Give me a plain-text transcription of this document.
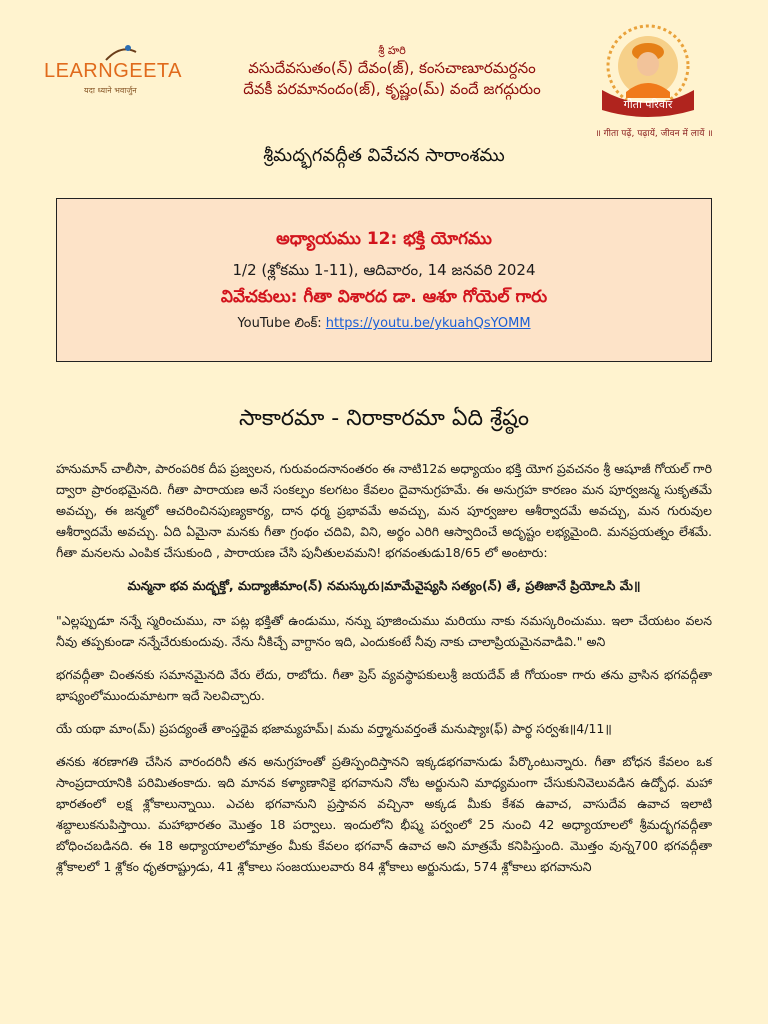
LEARNGEETA
यदा ध्याने भवार्जुन
శ్రీ హరి
వసుదేవసుతం(న్) దేవం(జ్), కంసచాణూరమర్దనం
దేవకీ పరమానందం(జ్), కృష్ణం(మ్) వందే జగద్గురుం
गीता परिवार
॥ गीता पढ़ें, पढ़ायें, जीवन में लायें ॥
శ్రీమద్భగవద్గీత వివేచన సారాంశము
అధ్యాయము 12: భక్తి యోగము
1/2 (శ్లోకము 1-11), ఆదివారం, 14 జనవరి 2024
వివేచకులు: గీతా విశారద డా. ఆశూ గోయెల్ గారు
YouTube లింక్: https://youtu.be/ykuahQsYOMM
సాకారమా - నిరాకారమా ఏది శ్రేష్ఠం

హనుమాన్ చాలీసా, పారంపరిక దీప ప్రజ్వలన, గురువందనానంతరం ఈ నాటి12వ అధ్యాయం భక్తి యోగ ప్రవచనం శ్రీ ఆషూజీ గోయల్ గారి ద్వారా ప్రారంభమైనది. గీతా పారాయణ అనే సంకల్పం కలగటం కేవలం దైవానుగ్రహమే. ఈ అనుగ్రహ కారణం మన పూర్వజన్మ సుకృతమే అవచ్చు, ఈ జన్మలో ఆచరించినపుణ్యకార్య, దాన ధర్మ ప్రభావమే అవచ్చు, మన పూర్వజుల ఆశీర్వాదమే అవచ్చు, మన గురువుల ఆశీర్వాదమే అవచ్చు. ఏది ఏమైనా మనకు గీతా గ్రంథం చదివి, విని, అర్థం ఎరిగి ఆస్వాదించే అదృష్టం లభ్యమైంది. మనప్రయత్నం లేశమే. గీతా మనలను ఎంపిక చేసుకుంది , పారాయణ చేసి పునీతులవమని! భగవంతుడు18/65 లో అంటారు:

మన్మనా భవ మద్భక్తో, మద్యాజీమాం(న్) నమస్కురు।మామేవైష్యసి సత్యం(న్) తే, ప్రతిజానే ప్రియోఽసి మే॥

"ఎల్లప్పుడూ నన్నే స్మరించుము, నా పట్ల భక్తితో ఉండుము, నన్ను పూజించుము మరియు నాకు నమస్కరించుము. ఇలా చేయటం వలన నీవు తప్పకుండా నన్నేచేరుకుందువు. నేను నీకిచ్చే వాగ్దానం ఇది, ఎందుకంటే నీవు నాకు చాలాప్రియమైనవాడివి." అని

భగవద్గీతా చింతనకు సమానమైనది వేరు లేదు, రాబోదు. గీతా ప్రెస్ వ్యవస్థాపకులుశ్రీ జయదేవ్ జీ గోయంకా గారు తను వ్రాసిన భగవద్గీతా భాష్యంలోముందుమాటగా ఇదే సెలవిచ్చారు.

యే యథా మాం(మ్) ప్రపద్యంతే తాంస్తథైవ భజామ్యహమ్। మమ వర్త్మానువర్తంతే మనుష్యాః(ఫ్) పార్థ సర్వశః॥4/11॥

తనకు శరణాగతి చేసిన వారందరినీ తన అనుగ్రహంతో ప్రతిస్పందిస్తానని ఇక్కడభగవానుడు పేర్కొంటున్నారు. గీతా బోధన కేవలం ఒక సాంప్రదాయానికి పరిమితంకాదు. ఇది మానవ కళ్యాణానికై భగవానుని నోట అర్జునుని మాధ్యమంగా చేసుకునివెలువడిన ఉద్బోధ. మహా భారతంలో లక్ష శ్లోకాలున్నాయి. ఎచట భగవానుని ప్రస్తావన వచ్చినా అక్కడ మీకు కేశవ ఉవాచ, వాసుదేవ ఉవాచ ఇలాటి శబ్దాలుకనుపిస్తాయి. మహాభారతం మొత్తం 18 పర్వాలు. ఇందులోని భీష్మ పర్వంలో 25 నుంచి 42 అధ్యాయాలలో శ్రీమద్భగవద్గీతా బోధించబడినది. ఈ 18 అధ్యాయాలలోమాత్రం మీకు కేవలం భగవాన్ ఉవాచ అని మాత్రమే కనిపిస్తుంది. మొత్తం వున్న700 భగవద్గీతా శ్లోకాలలో 1 శ్లోకం ధృతరాష్ట్రుడు, 41 శ్లోకాలు సంజయులవారు 84 శ్లోకాలు అర్జునుడు, 574 శ్లోకాలు భగవానుని
